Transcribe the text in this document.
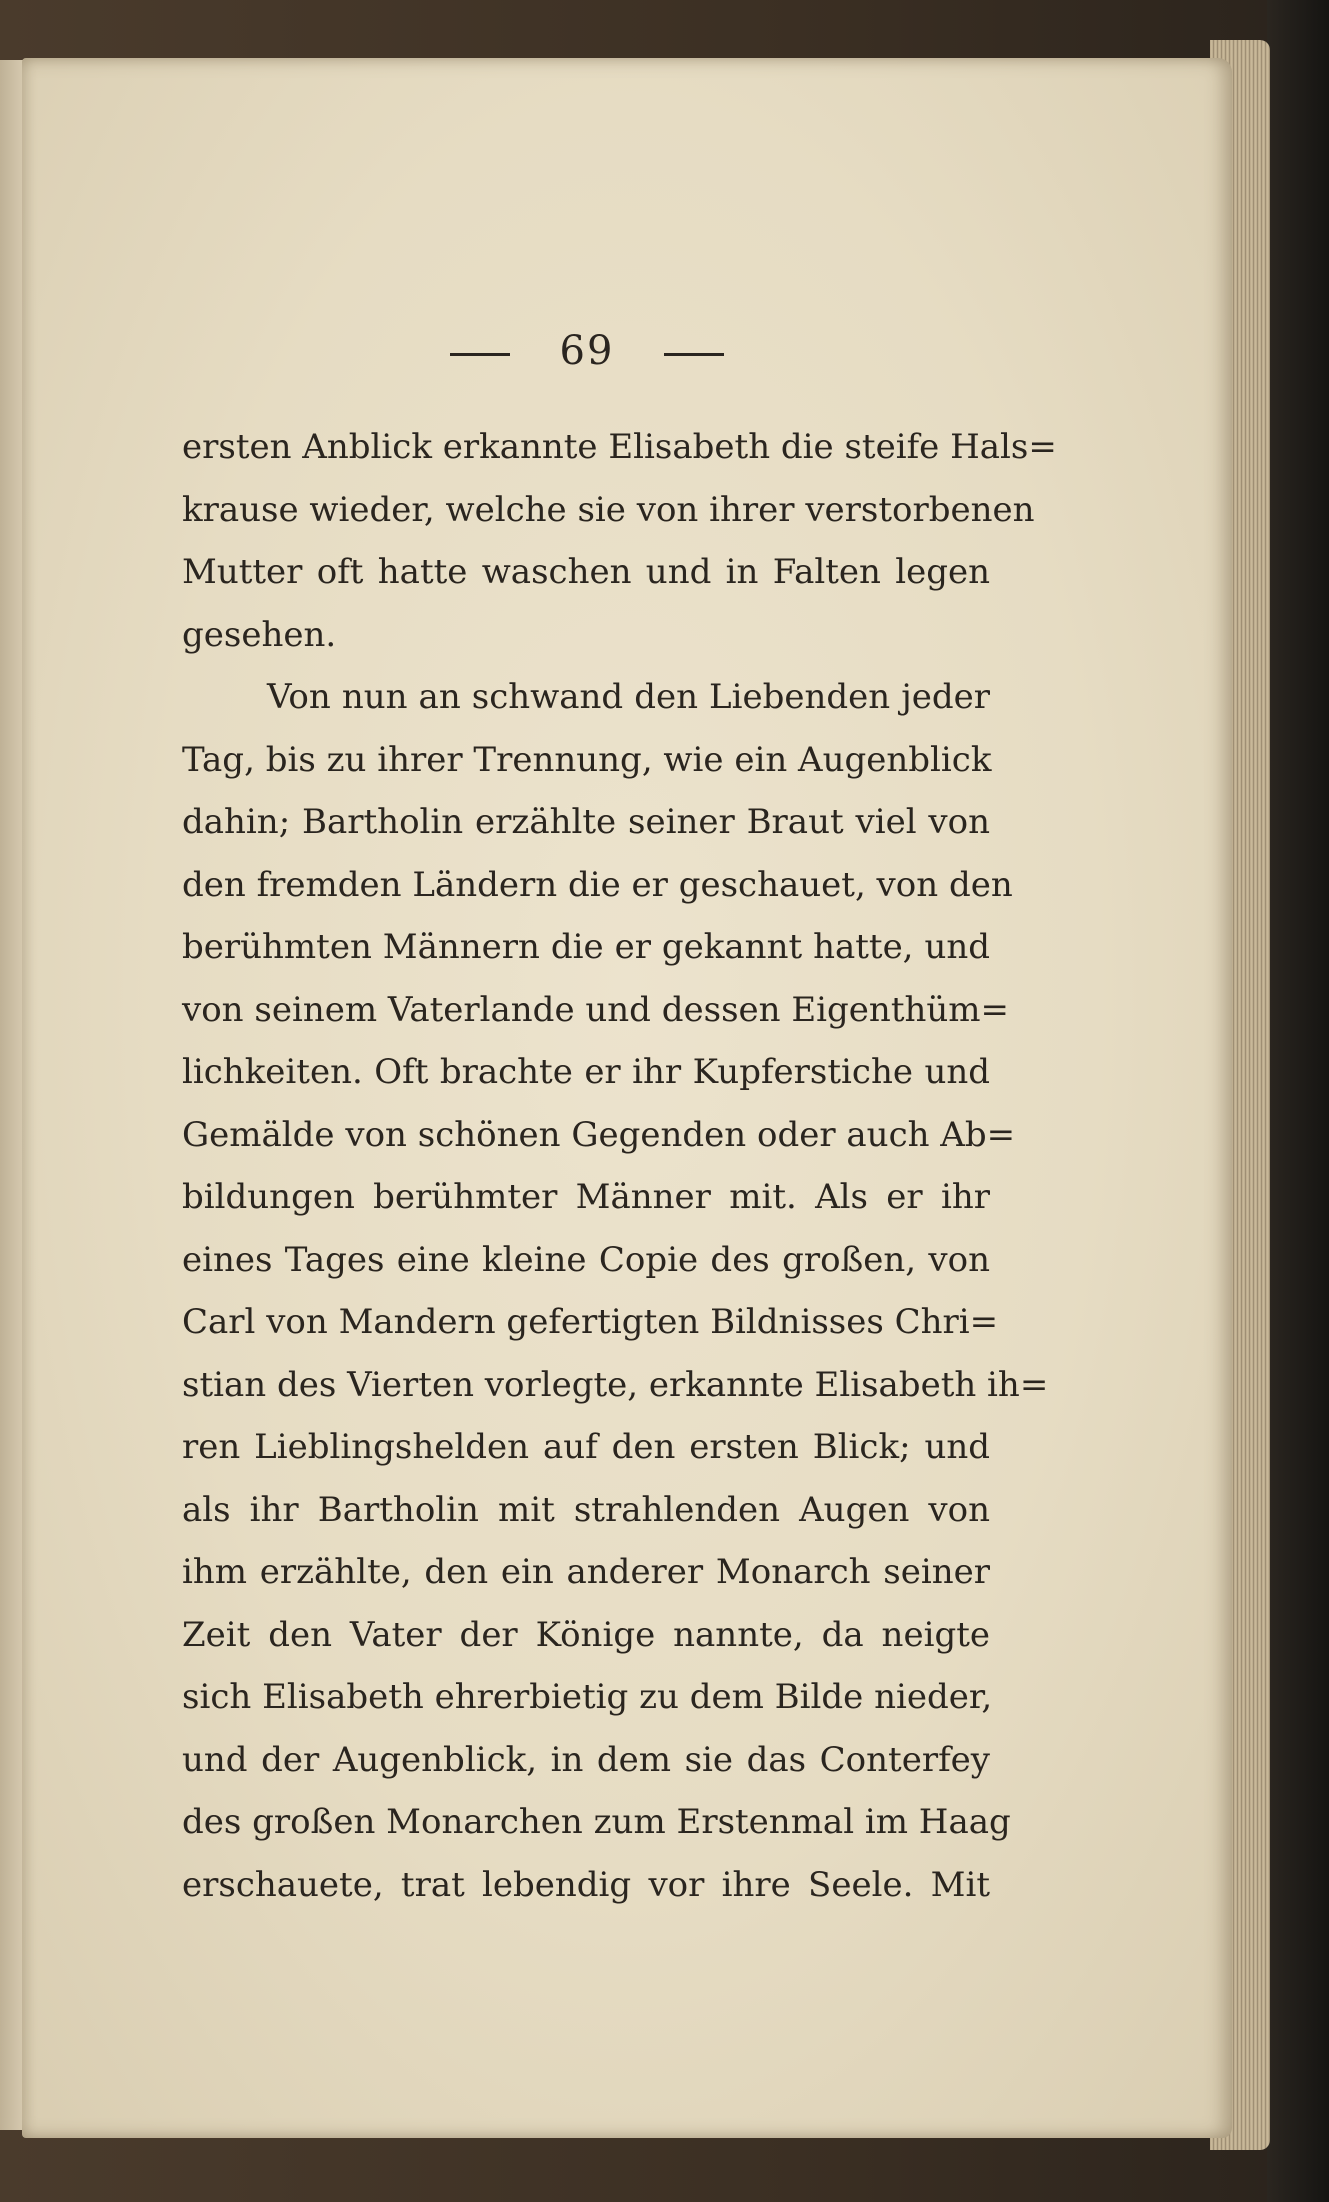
69
ersten Anblick erkannte Elisabeth die steife Hals=
krause wieder, welche sie von ihrer verstorbenen
Mutter oft hatte waschen und in Falten legen
gesehen.
Von nun an schwand den Liebenden jeder
Tag, bis zu ihrer Trennung, wie ein Augenblick
dahin; Bartholin erzählte seiner Braut viel von
den fremden Ländern die er geschauet, von den
berühmten Männern die er gekannt hatte, und
von seinem Vaterlande und dessen Eigenthüm=
lichkeiten. Oft brachte er ihr Kupferstiche und
Gemälde von schönen Gegenden oder auch Ab=
bildungen berühmter Männer mit. Als er ihr
eines Tages eine kleine Copie des großen, von
Carl von Mandern gefertigten Bildnisses Chri=
stian des Vierten vorlegte, erkannte Elisabeth ih=
ren Lieblingshelden auf den ersten Blick; und
als ihr Bartholin mit strahlenden Augen von
ihm erzählte, den ein anderer Monarch seiner
Zeit den Vater der Könige nannte, da neigte
sich Elisabeth ehrerbietig zu dem Bilde nieder,
und der Augenblick, in dem sie das Conterfey
des großen Monarchen zum Erstenmal im Haag
erschauete, trat lebendig vor ihre Seele. Mit
